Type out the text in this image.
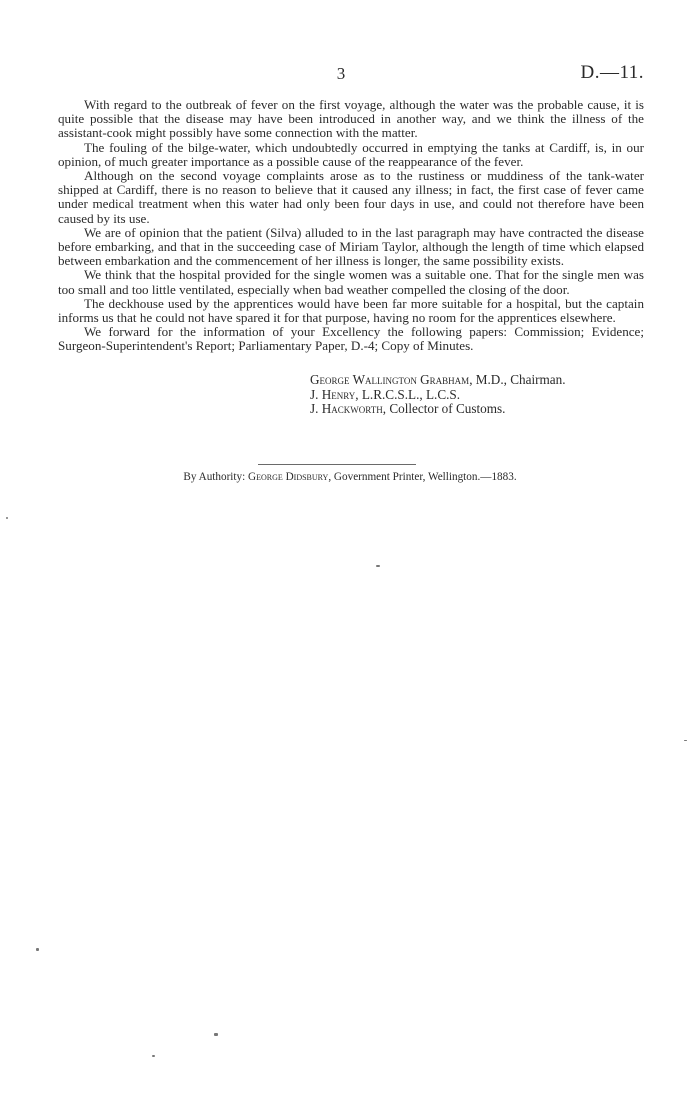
3	D.—11.

With regard to the outbreak of fever on the first voyage, although the water was the probable cause, it is quite possible that the disease may have been introduced in another way, and we think the illness of the assistant-cook might possibly have some connection with the matter.

The fouling of the bilge-water, which undoubtedly occurred in emptying the tanks at Cardiff, is, in our opinion, of much greater importance as a possible cause of the reappearance of the fever.

Although on the second voyage complaints arose as to the rustiness or muddiness of the tank-water shipped at Cardiff, there is no reason to believe that it caused any illness; in fact, the first case of fever came under medical treatment when this water had only been four days in use, and could not therefore have been caused by its use.

We are of opinion that the patient (Silva) alluded to in the last paragraph may have contracted the disease before embarking, and that in the succeeding case of Miriam Taylor, although the length of time which elapsed between embarkation and the commencement of her illness is longer, the same possibility exists.

We think that the hospital provided for the single women was a suitable one. That for the single men was too small and too little ventilated, especially when bad weather compelled the closing of the door.

The deckhouse used by the apprentices would have been far more suitable for a hospital, but the captain informs us that he could not have spared it for that purpose, having no room for the apprentices elsewhere.

We forward for the information of your Excellency the following papers: Commission; Evidence; Surgeon-Superintendent's Report; Parliamentary Paper, D.-4; Copy of Minutes.

George Wallington Grabham, M.D., Chairman.
J. Henry, L.R.C.S.L., L.C.S.
J. Hackworth, Collector of Customs.
By Authority: George Didsbury, Government Printer, Wellington.—1883.
